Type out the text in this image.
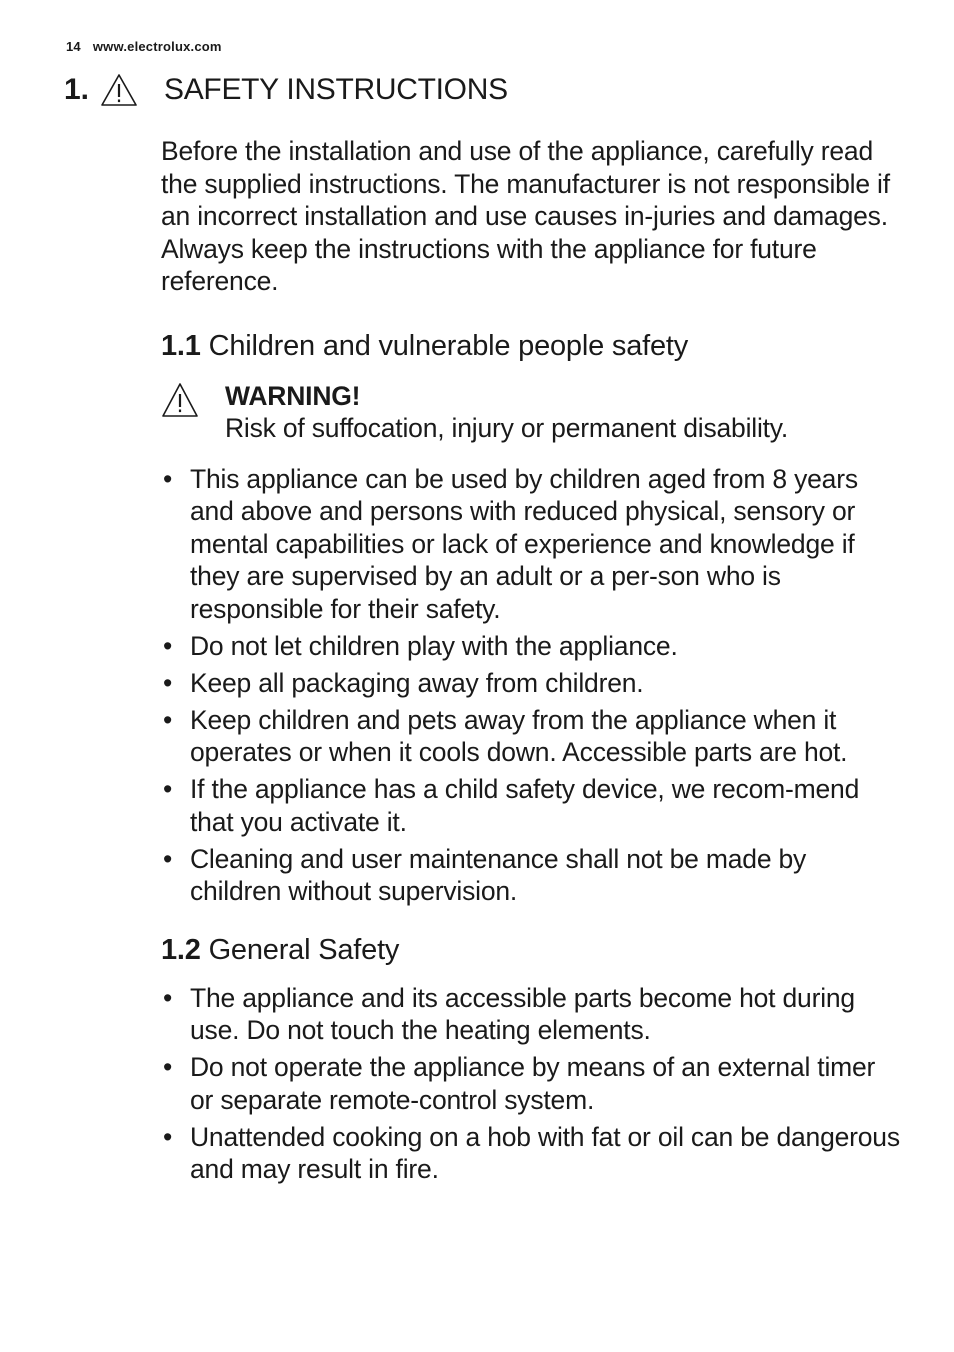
14 www.electrolux.com
1.	SAFETY INSTRUCTIONS

Before the installation and use of the appliance, carefully read the supplied instructions. The manufacturer is not responsible if an incorrect installation and use causes in-juries and damages. Always keep the instructions with the appliance for future reference.

1.1 Children and vulnerable people safety
WARNING!
Risk of suffocation, injury or permanent disability.
• This appliance can be used by children aged from 8 years and above and persons with reduced physical, sensory or mental capabilities or lack of experience and knowledge if they are supervised by an adult or a per-son who is responsible for their safety.
• Do not let children play with the appliance.
• Keep all packaging away from children.
• Keep children and pets away from the appliance when it operates or when it cools down. Accessible parts are hot.
• If the appliance has a child safety device, we recom-mend that you activate it.
• Cleaning and user maintenance shall not be made by children without supervision.
1.2 General Safety
• The appliance and its accessible parts become hot during use. Do not touch the heating elements.
• Do not operate the appliance by means of an external timer or separate remote-control system.
• Unattended cooking on a hob with fat or oil can be dangerous and may result in fire.
